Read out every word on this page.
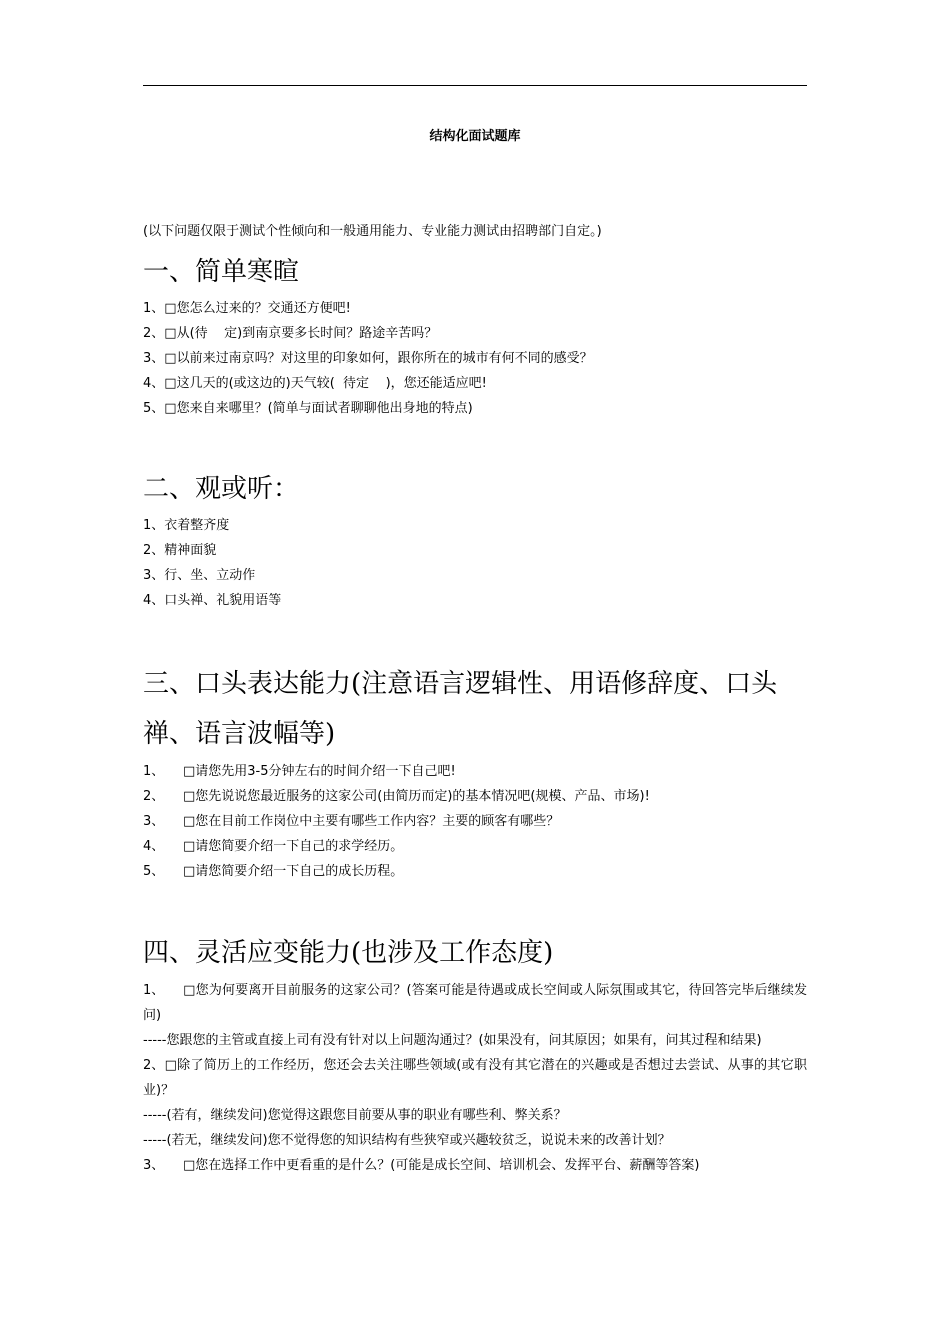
结构化面试题库

(以下问题仅限于测试个性倾向和一般通用能力、专业能力测试由招聘部门自定。)

一、简单寒暄

1、□您怎么过来的？交通还方便吧!

2、□从(待    定)到南京要多长时间？路途辛苦吗？

3、□以前来过南京吗？对这里的印象如何，跟你所在的城市有何不同的感受？

4、□这几天的(或这边的)天气较(  待定    )，您还能适应吧!

5、□您来自来哪里？(简单与面试者聊聊他出身地的特点)

二、观或听：

1、衣着整齐度

2、精神面貌

3、行、坐、立动作

4、口头禅、礼貌用语等

三、口头表达能力(注意语言逻辑性、用语修辞度、口头禅、语言波幅等)

1、 □请您先用3-5分钟左右的时间介绍一下自己吧!

2、 □您先说说您最近服务的这家公司(由简历而定)的基本情况吧(规模、产品、市场)!

3、 □您在目前工作岗位中主要有哪些工作内容？主要的顾客有哪些？

4、 □请您简要介绍一下自己的求学经历。

5、 □请您简要介绍一下自己的成长历程。

四、灵活应变能力(也涉及工作态度)

1、 □您为何要离开目前服务的这家公司？(答案可能是待遇或成长空间或人际氛围或其它，待回答完毕后继续发问)

-----您跟您的主管或直接上司有没有针对以上问题沟通过？(如果没有，问其原因；如果有，问其过程和结果)

2、□除了简历上的工作经历，您还会去关注哪些领域(或有没有其它潜在的兴趣或是否想过去尝试、从事的其它职业)？

-----(若有，继续发问)您觉得这跟您目前要从事的职业有哪些利、弊关系？

-----(若无，继续发问)您不觉得您的知识结构有些狭窄或兴趣较贫乏，说说未来的改善计划？

3、 □您在选择工作中更看重的是什么？(可能是成长空间、培训机会、发挥平台、薪酬等答案)
